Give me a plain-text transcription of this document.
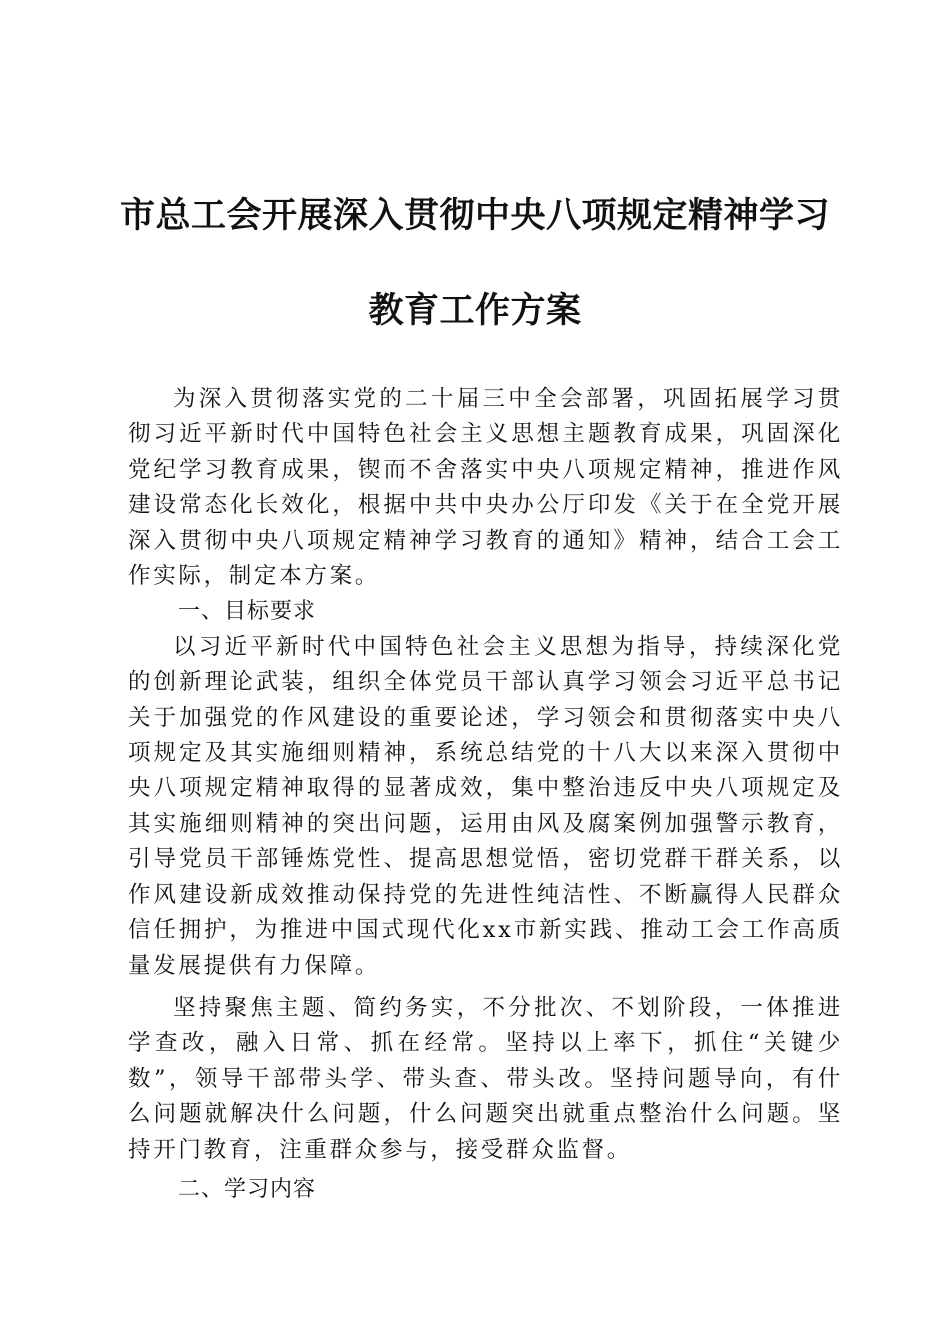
市总工会开展深入贯彻中央八项规定精神学习
教育工作方案

为深入贯彻落实党的二十届三中全会部署，巩固拓展学习贯彻习近平新时代中国特色社会主义思想主题教育成果，巩固深化党纪学习教育成果，锲而不舍落实中央八项规定精神，推进作风建设常态化长效化，根据中共中央办公厅印发《关于在全党开展深入贯彻中央八项规定精神学习教育的通知》精神，结合工会工作实际，制定本方案。

一、目标要求

以习近平新时代中国特色社会主义思想为指导，持续深化党的创新理论武装，组织全体党员干部认真学习领会习近平总书记关于加强党的作风建设的重要论述，学习领会和贯彻落实中央八项规定及其实施细则精神，系统总结党的十八大以来深入贯彻中央八项规定精神取得的显著成效，集中整治违反中央八项规定及其实施细则精神的突出问题，运用由风及腐案例加强警示教育，引导党员干部锤炼党性、提高思想觉悟，密切党群干群关系，以作风建设新成效推动保持党的先进性纯洁性、不断赢得人民群众信任拥护，为推进中国式现代化xx市新实践、推动工会工作高质量发展提供有力保障。

坚持聚焦主题、简约务实，不分批次、不划阶段，一体推进学查改，融入日常、抓在经常。坚持以上率下，抓住“关键少数”，领导干部带头学、带头查、带头改。坚持问题导向，有什么问题就解决什么问题，什么问题突出就重点整治什么问题。坚持开门教育，注重群众参与，接受群众监督。

二、学习内容
